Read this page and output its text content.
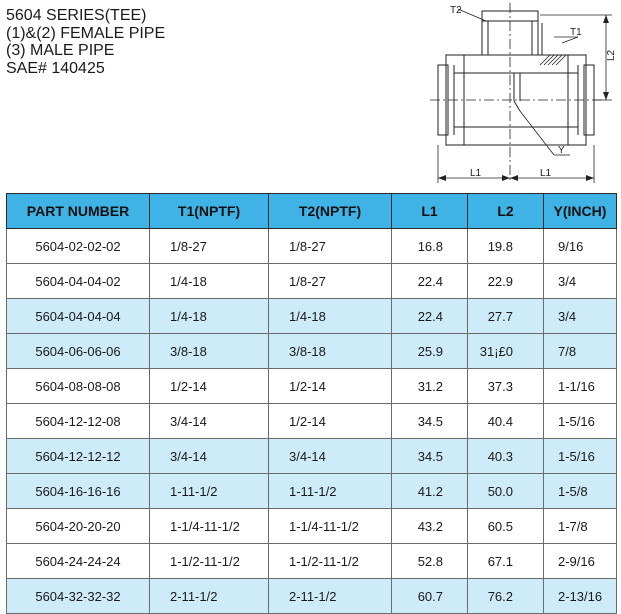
5604 SERIES(TEE)
(1)&(2) FEMALE PIPE
(3) MALE PIPE
SAE# 140425
T2
T1
L2
Y
L1	L1
PART NUMBER	T1(NPTF)	T2(NPTF)	L1	L2	Y(INCH)
5604-02-02-02	1/8-27	1/8-27	16.8	19.8	9/16
5604-04-04-02	1/4-18	1/8-27	22.4	22.9	3/4
5604-04-04-04	1/4-18	1/4-18	22.4	27.7	3/4
5604-06-06-06	3/8-18	3/8-18	25.9	31¡£0	7/8
5604-08-08-08	1/2-14	1/2-14	31.2	37.3	1-1/16
5604-12-12-08	3/4-14	1/2-14	34.5	40.4	1-5/16
5604-12-12-12	3/4-14	3/4-14	34.5	40.3	1-5/16
5604-16-16-16	1-11-1/2	1-11-1/2	41.2	50.0	1-5/8
5604-20-20-20	1-1/4-11-1/2	1-1/4-11-1/2	43.2	60.5	1-7/8
5604-24-24-24	1-1/2-11-1/2	1-1/2-11-1/2	52.8	67.1	2-9/16
5604-32-32-32	2-11-1/2	2-11-1/2	60.7	76.2	2-13/16
